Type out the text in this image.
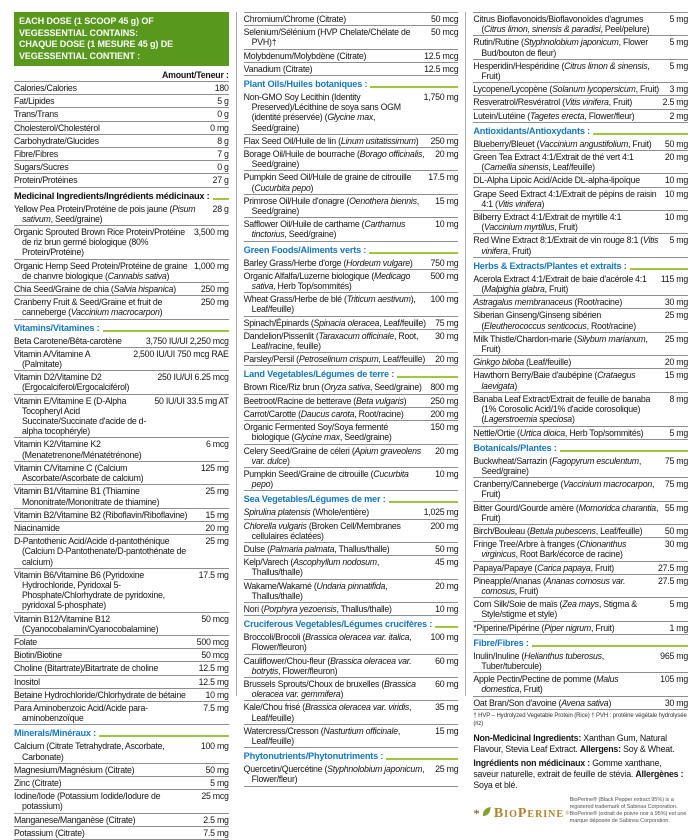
EACH DOSE (1 SCOOP 45 g) OF VEGESSENTIAL CONTAINS:
CHAQUE DOSE (1 MESURE 45 g) DE VEGESSENTIAL CONTIENT :
Amount/Teneur :
Calories/Calories	180
Fat/Lipides	5 g
Trans/Trans	0 g
Cholesterol/Cholestérol	0 mg
Carbohydrate/Glucides	8 g
Fibre/Fibres	7 g
Sugars/Sucres	0 g
Protein/Protéines	27 g
Medicinal Ingredients/Ingrédients médicinaux :
Yellow Pea Protein/Protéine de pois jaune (Pisum sativum, Seed/graine)
28 g
Organic Sprouted Brown Rice Protein/Protéine de riz brun germé biologique (80% Protein/Protéine)
3,500 mg
Organic Hemp Seed Protein/Protéine de graine de chanvre biologique (Cannabis sativa)
1,000 mg
Chia Seed/Graine de chia (Salvia hispanica)	250 mg
Cranberry Fruit & Seed/Graine et fruit de canneberge (Vaccinium macrocarpon)
250 mg
Vitamins/Vitamines :
Beta Carotene/Bêta-carotène	3,750 IU/UI 2,250 mcg
Vitamin A/Vitamine A (Palmitate)
2,500 IU/UI 750 mcg RAE
Vitamin D2/Vitamine D2 (Ergocalciferol/Ergocalciférol)
250 IU/UI 6.25 mcg
Vitamin E/Vitamine E (D-Alpha Tocopheryl Acid Succinate/Succinate d'acide de d-alpha tocophéryle)
50 IU/UI 33.5 mg AT
Vitamin K2/Vitamine K2 (Menatetrenone/Ménatétrénone)
6 mcg
Vitamin C/Vitamine C (Calcium Ascorbate/Ascorbate de calcium)
125 mg
Vitamin B1/Vitamine B1 (Thiamine Mononitrate/Mononitrate de thiamine)
25 mg
Vitamin B2/Vitamine B2 (Riboflavin/Riboflavine)	15 mg
Niacinamide	20 mg
D-Pantothenic Acid/Acide d-pantothénique (Calcium D-Pantothenate/D-pantothénate de calcium)
25 mg
Vitamin B6/Vitamine B6 (Pyridoxine Hydrochloride, Pyridoxal 5-Phosphate/Chlorhydrate de pyridoxine, pyridoxal 5-phosphate)
17.5 mg
Vitamin B12/Vitamine B12 (Cyanocobalamin/Cyanocobalamine)
50 mcg
Folate	500 mcg
Biotin/Biotine	50 mcg
Choline (Bitartrate)/Bitartrate de choline	12.5 mg
Inositol	12.5 mg
Betaine Hydrochloride/Chlorhydrate de bétaine	10 mg
Para Aminobenzoic Acid/Acide para-aminobenzoïque
7.5 mg
Minerals/Minéraux :
Calcium (Citrate Tetrahydrate, Ascorbate, Carbonate)
100 mg
Magnesium/Magnésium (Citrate)	50 mg
Zinc (Citrate)	5 mg
Iodine/Iode (Potassium Iodide/Iodure de potassium)
25 mcg
Manganese/Manganèse (Citrate)	2.5 mg
Potassium (Citrate)	7.5 mg
Chromium/Chrome (Citrate)	50 mcg
Selenium/Sélénium (HVP Chelate/Chélate de PVH)†
50 mcg
Molybdenum/Molybdène (Citrate)	12.5 mcg
Vanadium (Citrate)	12.5 mcg
Plant Oils/Huiles botaniques :
Non-GMO Soy Lecithin (Identity Preserved)/Lécithine de soya sans OGM (identité préservée) (Glycine max, Seed/graine)
1,750 mg
Flax Seed Oil/Huile de lin (Linum usitatissimum)	250 mg
Borage Oil/Huile de bourrache (Borago officinalis, Seed/graine)
20 mg
Pumpkin Seed Oil/Huile de graine de citrouille (Cucurbita pepo)
17.5 mg
Primrose Oil/Huile d'onagre (Oenothera biennis, Seed/graine)
15 mg
Safflower Oil/Huile de carthame (Carthamus tinctorius, Seed/graine)
10 mg
Green Foods/Aliments verts :
Barley Grass/Herbe d'orge (Hordeum vulgare)	750 mg
Organic Alfalfa/Luzerne biologique (Medicago sativa, Herb Top/sommités)
500 mg
Wheat Grass/Herbe de blé (Triticum aestivum), Leaf/feuille)
100 mg
Spinach/Épinards (Spinacia oleracea, Leaf/feuille)	75 mg
Dandelion/Pissenlit (Taraxacum officinale, Root, Leaf/racine, feuille)
30 mg
Parsley/Persil (Petroselinum crispum, Leaf/feuille)	20 mg
Land Vegetables/Légumes de terre :
Brown Rice/Riz brun (Oryza sativa, Seed/graine)	800 mg
Beetroot/Racine de betterave (Beta vulgaris)	250 mg
Carrot/Carotte (Daucus carota, Root/racine)	200 mg
Organic Fermented Soy/Soya fermenté biologique (Glycine max, Seed/graine)
150 mg
Celery Seed/Graine de céleri (Apium graveolens var. dulce)
20 mg
Pumpkin Seed/Graine de citrouille (Cucurbita pepo)
10 mg
Sea Vegetables/Légumes de mer :
Spirulina platensis (Whole/entière)	1,025 mg
Chlorella vulgaris (Broken Cell/Membranes cellulaires éclatées)
200 mg
Dulse (Palmaria palmata, Thallus/thalle)	50 mg
Kelp/Varech (Ascophyllum nodosum, Thallus/thalle)
45 mg
Wakame/Wakamé (Undaria pinnatifida, Thallus/thalle)
20 mg
Nori (Porphyra yezoensis, Thallus/thalle)	10 mg
Cruciferous Vegetables/Légumes crucifères :
Broccoli/Brocoli (Brassica oleracea var. italica, Flower/fleuron)
100 mg
Cauliflower/Chou-fleur (Brassica oleracea var. botrytis, Flower/fleuron)
60 mg
Brussels Sprouts/Choux de bruxelles (Brassica oleracea var. gemmifera)
60 mg
Kale/Chou frisé (Brassica oleracea var. viridis, Leaf/feuille)
35 mg
Watercress/Cresson (Nasturtium officinale, Leaf/feuille)
15 mg
Phytonutrients/Phytonutriments :
Quercetin/Quercétine (Styphnolobium japonicum, Flower/fleur)
25 mg
Citrus Bioflavonoids/Bioflavonoïdes d'agrumes (Citrus limon, sinensis & paradisi, Peel/pelure)
5 mg
Rutin/Rutine (Styphnolobium japonicum, Flower Bud/bouton de fleur)
5 mg
Hesperidin/Hespéridine (Citrus limon & sinensis, Fruit)
5 mg
Lycopene/Lycopène (Solanum lycopersicum, Fruit)	3 mg
Resveratrol/Resvératrol (Vitis vinifera, Fruit)	2.5 mg
Lutein/Lutéine (Tagetes erecta, Flower/fleur)	2 mg
Antioxidants/Antioxydants :
Blueberry/Bleuet (Vaccinium angustifolium, Fruit)	50 mg
Green Tea Extract 4:1/Extrait de thé vert 4:1 (Camellia sinensis, Leaf/feuille)
20 mg
DL-Alpha Lipoic Acid/Acide DL-alpha-lipoïque	10 mg
Grape Seed Extract 4:1/Extrait de pépins de raisin 4:1 (Vitis vinifera)
10 mg
Bilberry Extract 4:1/Extrait de myrtille 4:1 (Vaccinium myrtillus, Fruit)
10 mg
Red Wine Extract 8:1/Extrait de vin rouge 8:1 (Vitis vinifera, Fruit)
5 mg
Herbs & Extracts/Plantes et extraits :
Acerola Extract 4:1/Extrait de baie d'acérole 4:1 (Malpighia glabra, Fruit)
115 mg
Astragalus membranaceus (Root/racine)	30 mg
Siberian Ginseng/Ginseng sibérien (Eleutherococcus senticocus, Root/racine)
25 mg
Milk Thistle/Chardon-marie (Silybum marianum, Fruit)
25 mg
Ginkgo biloba (Leaf/feuille)	20 mg
Hawthorn Berry/Baie d'aubépine (Crataegus laevigata)
15 mg
Banaba Leaf Extract/Extrait de feuille de banaba (1% Corosolic Acid/1% d'acide corosolique) (Lagerstroemia speciosa)
8 mg
Nettle/Ortie (Urtica dioica, Herb Top/sommités)	5 mg
Botanicals/Plantes :
Buckwheat/Sarrazin (Fagopyrum esculentum, Seed/graine)
75 mg
Cranberry/Canneberge (Vaccinium macrocarpon, Fruit)
75 mg
Bitter Gourd/Gourde amère (Momoridca charantia, Fruit)
55 mg
Birch/Bouleau (Betula pubescens, Leaf/feuille)	50 mg
Fringe Tree/Arbre à franges (Chionanthus virginicus, Root Bark/écorce de racine)
30 mg
Papaya/Papaye (Carica papaya, Fruit)	27.5 mg
Pineapple/Ananas (Ananas comosus var. comosus, Fruit)
27.5 mg
Corn Silk/Soie de maïs (Zea mays, Stigma & Style/stigme et style)
5 mg
*Piperine/Pipérine (Piper nigrum, Fruit)	1 mg
Fibre/Fibres :
Inulin/Inuline (Helianthus tuberosus, Tuber/tubercule)
965 mg
Apple Pectin/Pectine de pomme (Malus domestica, Fruit)
105 mg
Oat Bran/Son d'avoine (Avena sativa)	30 mg
† HVP – Hydrolyzed Vegetable Protein (Rice) † PVH : protéine végétale hydrolysée (riz)

Non-Medicinal Ingredients: Xanthan Gum, Natural Flavour, Stevia Leaf Extract. Allergens: Soy & Wheat.

Ingrédients non médicinaux : Gomme xanthane, saveur naturelle, extrait de feuille de stévia. Allergènes : Soya et blé.

* BioPerine ®
BioPerine® (Black Pepper extract 95%) is a registered trademark of Sabinsa Corporation. BioPerine® (extrait de poivre noir à 95%) est une marque déposée de Sabinsa Corporation.
